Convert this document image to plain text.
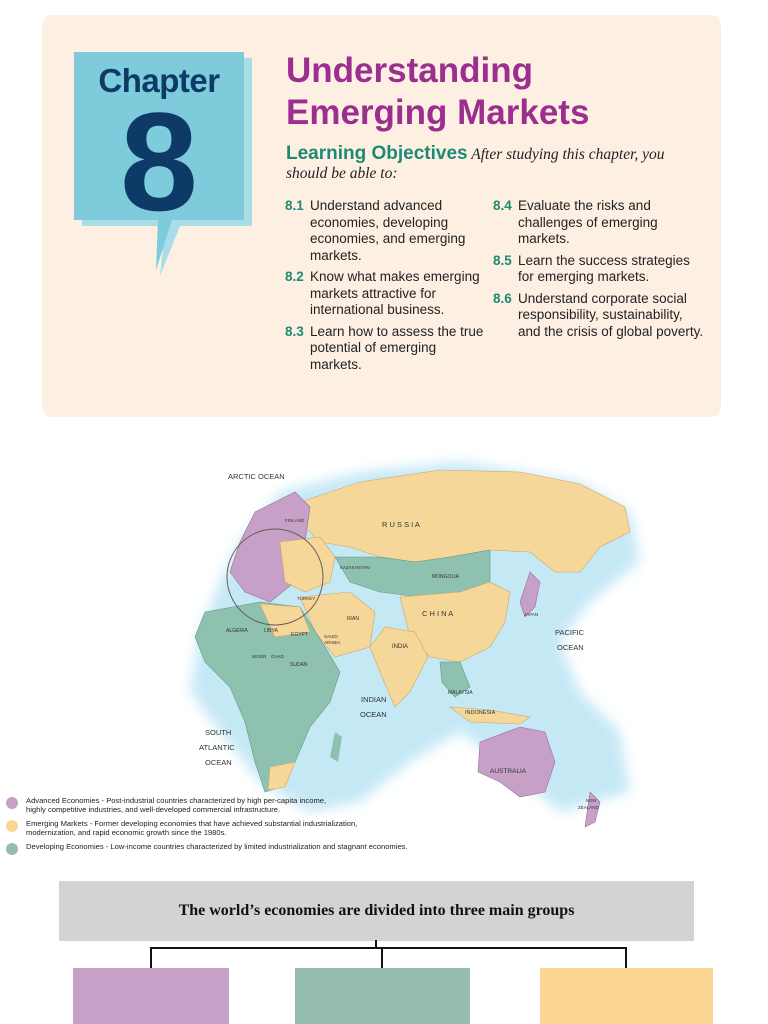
Chapter
8
Understanding
Emerging Markets
Learning Objectives After studying this chapter, you should be able to:
8.1 Understand advanced economies, developing economies, and emerging markets.
8.2 Know what makes emerging markets attractive for international business.
8.3 Learn how to assess the true potential of emerging markets.
8.4 Evaluate the risks and challenges of emerging markets.
8.5 Learn the success strategies for emerging markets.
8.6 Understand corporate social responsibility, sustainability, and the crisis of global poverty.
ARCTIC OCEAN
R U S S I A
KAZAKHSTAN
MONGOLIA
C H I N A	JAPAN
PACIFIC
OCEAN
INDIA
INDIAN
OCEAN
SOUTH
ATLANTIC
OCEAN
MALAYSIA
INDONESIA
AUSTRALIA
NEW
ZEALAND
ALGERIA	LIBYA
EGYPT
SUDAN
CHAD
NIGER
TURKEY
IRAN
FINLAND
SAUDI
ARABIA
Advanced Economies - Post-industrial countries characterized by high per-capita income,
highly competitive industries, and well-developed commercial infrastructure.
Emerging Markets - Former developing economies that have achieved substantial industrialization,
modernization, and rapid economic growth since the 1980s.
Developing Economies - Low-income countries characterized by limited industrialization and stagnant economies.
The world’s economies are divided into three main groups
